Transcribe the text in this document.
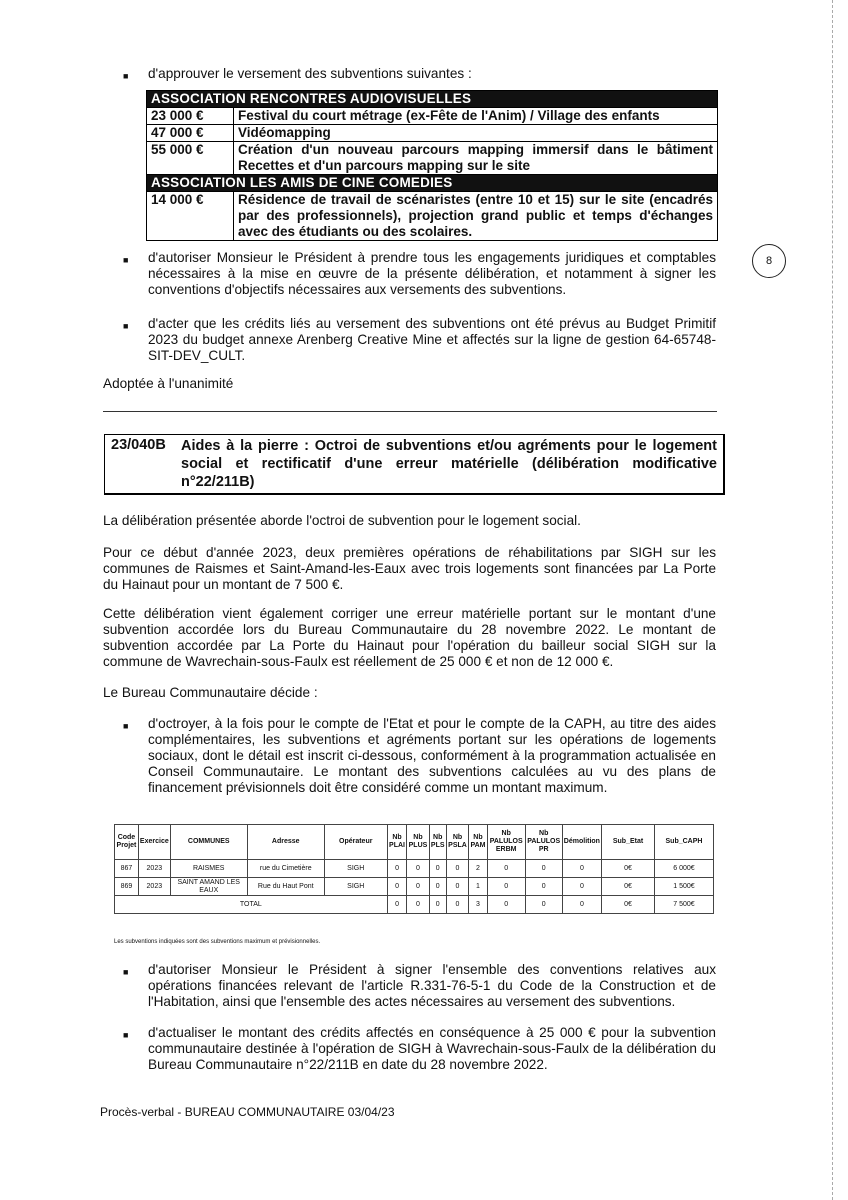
■ d'approuver le versement des subventions suivantes :
ASSOCIATION RENCONTRES AUDIOVISUELLES	
23 000 €	Festival du court métrage (ex-Fête de l'Anim) / Village des enfants
47 000 €	Vidéomapping
55 000 €	Création d'un nouveau parcours mapping immersif dans le bâtiment Recettes et d'un parcours mapping sur le site
ASSOCIATION LES AMIS DE CINE COMEDIES	
14 000 €	Résidence de travail de scénaristes (entre 10 et 15) sur le site (encadrés par des professionnels), projection grand public et temps d'échanges avec des étudiants ou des scolaires.
■ d'autoriser Monsieur le Président à prendre tous les engagements juridiques et comptables nécessaires à la mise en œuvre de la présente délibération, et notamment à signer les conventions d'objectifs nécessaires aux versements des subventions.
8
■ d'acter que les crédits liés au versement des subventions ont été prévus au Budget Primitif 2023 du budget annexe Arenberg Creative Mine et affectés sur la ligne de gestion 64-65748-SIT-DEV_CULT.
Adoptée à l'unanimité
23/040B Aides à la pierre : Octroi de subventions et/ou agréments pour le logement social et rectificatif d'une erreur matérielle (délibération modificative n°22/211B)
La délibération présentée aborde l'octroi de subvention pour le logement social.
Pour ce début d'année 2023, deux premières opérations de réhabilitations par SIGH sur les communes de Raismes et Saint-Amand-les-Eaux avec trois logements sont financées par La Porte du Hainaut pour un montant de 7 500 €.
Cette délibération vient également corriger une erreur matérielle portant sur le montant d'une subvention accordée lors du Bureau Communautaire du 28 novembre 2022. Le montant de subvention accordée par La Porte du Hainaut pour l'opération du bailleur social SIGH sur la commune de Wavrechain-sous-Faulx est réellement de 25 000 € et non de 12 000 €.
Le Bureau Communautaire décide :
■ d'octroyer, à la fois pour le compte de l'Etat et pour le compte de la CAPH, au titre des aides complémentaires, les subventions et agréments portant sur les opérations de logements sociaux, dont le détail est inscrit ci-dessous, conformément à la programmation actualisée en Conseil Communautaire. Le montant des subventions calculées au vu des plans de financement prévisionnels doit être considéré comme un montant maximum.
Code Projet	Exercice	COMMUNES	Adresse	Opérateur	Nb PLAI	Nb PLUS	Nb PLS	Nb PSLA	Nb PAM	Nb PALULOS ERBM	Nb PALULOS PR	Démolition	Sub_Etat	Sub_CAPH
867	2023	RAISMES	rue du Cimetière	SIGH	0	0	0	0	2	0	0	0	0€	6 000€
869	2023	SAINT AMAND LES EAUX	Rue du Haut Pont	SIGH	0	0	0	0	1	0	0	0	0€	1 500€
TOTAL					0	0	0	0	3	0	0	0	0€	7 500€
Les subventions indiquées sont des subventions maximum et prévisionnelles.
■ d'autoriser Monsieur le Président à signer l'ensemble des conventions relatives aux opérations financées relevant de l'article R.331-76-5-1 du Code de la Construction et de l'Habitation, ainsi que l'ensemble des actes nécessaires au versement des subventions.
■ d'actualiser le montant des crédits affectés en conséquence à 25 000 € pour la subvention communautaire destinée à l'opération de SIGH à Wavrechain-sous-Faulx de la délibération du Bureau Communautaire n°22/211B en date du 28 novembre 2022.
Procès-verbal - BUREAU COMMUNAUTAIRE 03/04/23
